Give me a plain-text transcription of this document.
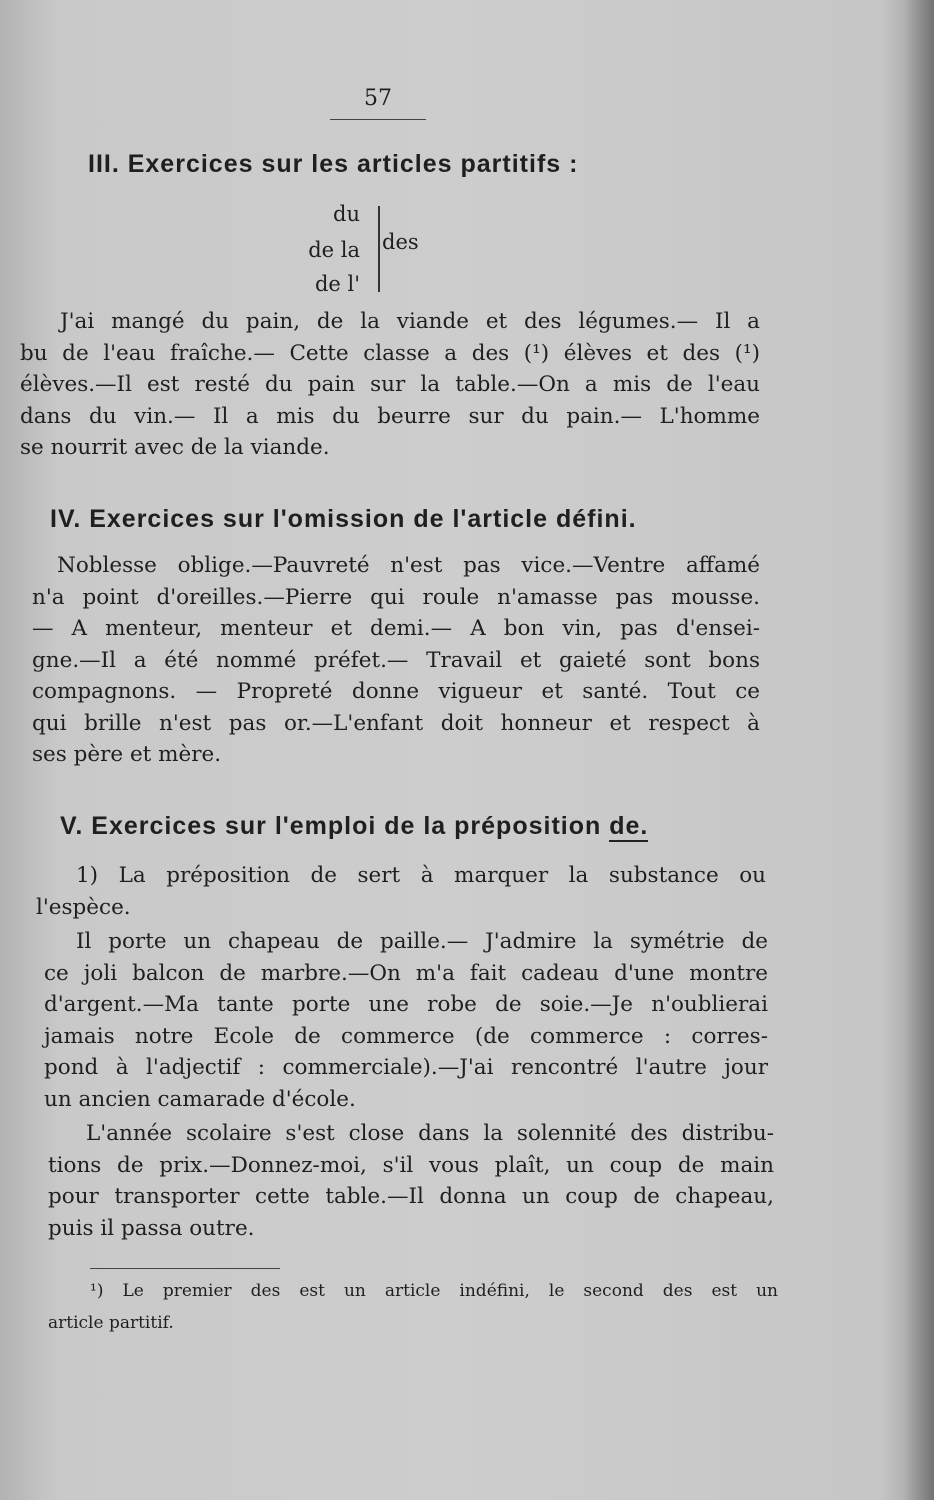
57
III. Exercices sur les articles partitifs :
du
de la
de l'
des

J'ai mangé du pain, de la viande et des légumes.— Il a
bu de l'eau fraîche.— Cette classe a des (¹) élèves et des (¹)
élèves.—Il est resté du pain sur la table.—On a mis de l'eau
dans du vin.— Il a mis du beurre sur du pain.— L'homme
se nourrit avec de la viande.

IV. Exercices sur l'omission de l'article défini.

Noblesse oblige.—Pauvreté n'est pas vice.—Ventre affamé
n'a point d'oreilles.—Pierre qui roule n'amasse pas mousse.
— A menteur, menteur et demi.— A bon vin, pas d'ensei-
gne.—Il a été nommé préfet.— Travail et gaieté sont bons
compagnons. — Propreté donne vigueur et santé. Tout ce
qui brille n'est pas or.—L'enfant doit honneur et respect à
ses père et mère.

V. Exercices sur l'emploi de la préposition de.

1) La préposition de sert à marquer la substance ou
l'espèce.

Il porte un chapeau de paille.— J'admire la symétrie de
ce joli balcon de marbre.—On m'a fait cadeau d'une montre
d'argent.—Ma tante porte une robe de soie.—Je n'oublierai
jamais notre Ecole de commerce (de commerce : corres-
pond à l'adjectif : commerciale).—J'ai rencontré l'autre jour
un ancien camarade d'école.

L'année scolaire s'est close dans la solennité des distribu-
tions de prix.—Donnez-moi, s'il vous plaît, un coup de main
pour transporter cette table.—Il donna un coup de chapeau,
puis il passa outre.

¹) Le premier des est un article indéfini, le second des est un
article partitif.
